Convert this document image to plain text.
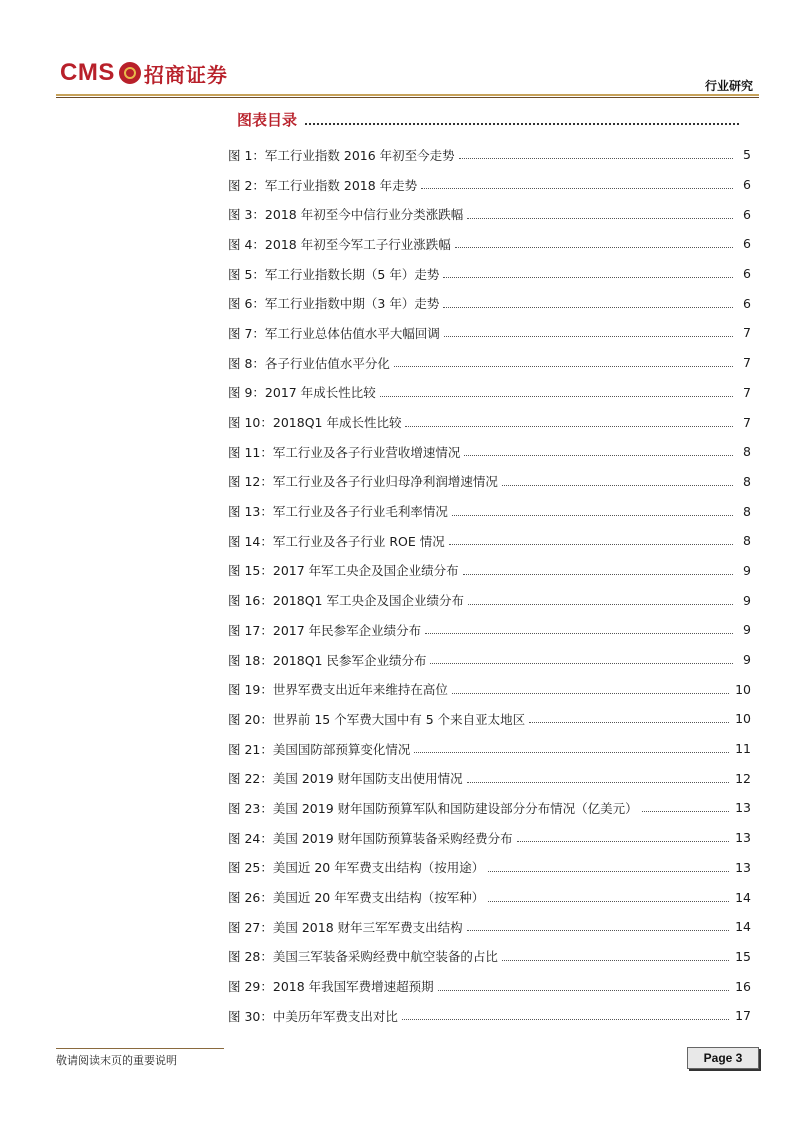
CMS 招商证券	行业研究
图表目录
图 1：军工行业指数 2016 年初至今走势	5
图 2：军工行业指数 2018 年走势	6
图 3：2018 年初至今中信行业分类涨跌幅	6
图 4：2018 年初至今军工子行业涨跌幅	6
图 5：军工行业指数长期（5 年）走势	6
图 6：军工行业指数中期（3 年）走势	6
图 7：军工行业总体估值水平大幅回调	7
图 8：各子行业估值水平分化	7
图 9：2017 年成长性比较	7
图 10：2018Q1 年成长性比较	7
图 11：军工行业及各子行业营收增速情况	8
图 12：军工行业及各子行业归母净利润增速情况	8
图 13：军工行业及各子行业毛利率情况	8
图 14：军工行业及各子行业 ROE 情况	8
图 15：2017 年军工央企及国企业绩分布	9
图 16：2018Q1 军工央企及国企业绩分布	9
图 17：2017 年民参军企业绩分布	9
图 18：2018Q1 民参军企业绩分布	9
图 19：世界军费支出近年来维持在高位	10
图 20：世界前 15 个军费大国中有 5 个来自亚太地区	10
图 21：美国国防部预算变化情况	11
图 22：美国 2019 财年国防支出使用情况	12
图 23：美国 2019 财年国防预算军队和国防建设部分分布情况（亿美元）	13
图 24：美国 2019 财年国防预算装备采购经费分布	13
图 25：美国近 20 年军费支出结构（按用途）	13
图 26：美国近 20 年军费支出结构（按军种）	14
图 27：美国 2018 财年三军军费支出结构	14
图 28：美国三军装备采购经费中航空装备的占比	15
图 29：2018 年我国军费增速超预期	16
图 30：中美历年军费支出对比	17
敬请阅读末页的重要说明	Page 3
